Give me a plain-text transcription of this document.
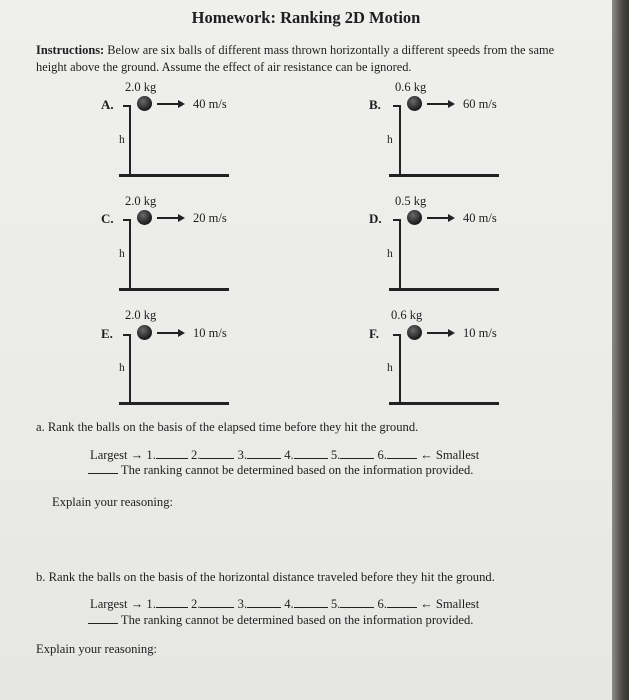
Homework: Ranking 2D Motion
Instructions: Below are six balls of different mass thrown horizontally a different speeds from the same height above the ground. Assume the effect of air resistance can be ignored.
2.0 kg
A.	40 m/s
h
0.6 kg
B.	60 m/s
h
2.0 kg
C.	20 m/s
h
0.5 kg
D.	40 m/s
h
2.0 kg
E.	10 m/s
h
0.6 kg
F.	10 m/s
h
a. Rank the balls on the basis of the elapsed time before they hit the ground.
Largest → 1.	2.	3.	4.	5.	6.	← Smallest
The ranking cannot be determined based on the information provided.
Explain your reasoning:
b. Rank the balls on the basis of the horizontal distance traveled before they hit the ground.
Largest → 1.	2.	3.	4.	5.	6.	← Smallest
The ranking cannot be determined based on the information provided.
Explain your reasoning:
